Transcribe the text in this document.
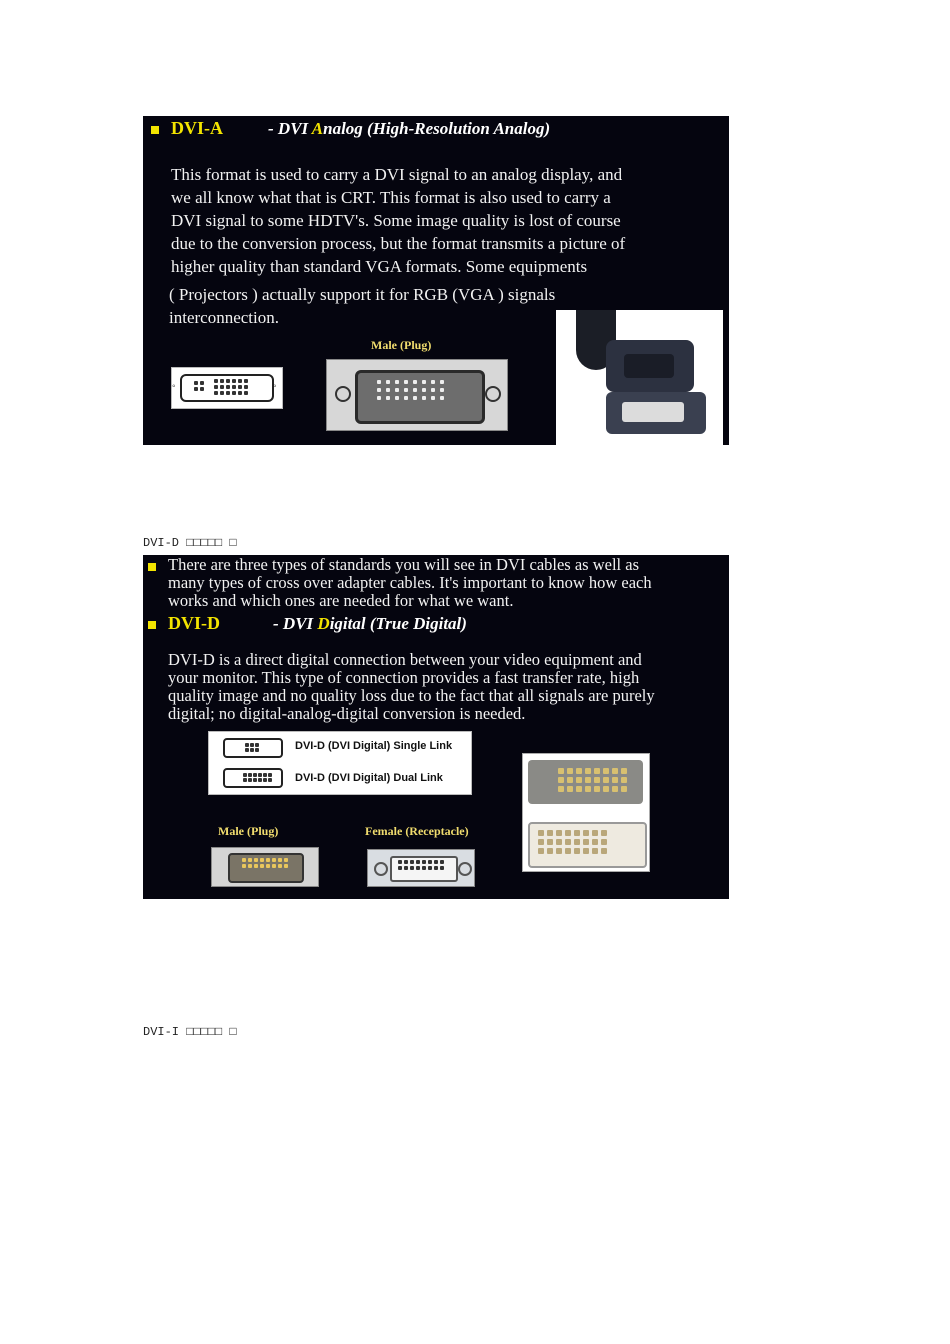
DVI-A	- DVI Analog (High-Resolution Analog)
This format is used to carry a DVI signal to an analog display, and
we all know what that is CRT. This format is also used to carry a
DVI signal to some HDTV's. Some image quality is lost of course
due to the conversion process, but the format transmits a picture of
higher quality than standard VGA formats. Some equipments
( Projectors ) actually support it for RGB (VGA ) signals
interconnection.
◦	◦
Male (Plug)
DVI-D □□□□□ □
There are three types of standards you will see in DVI cables as well as
many types of cross over adapter cables. It's important to know how each
works and which ones are needed for what we want.
DVI-D	- DVI Digital (True Digital)
DVI-D is a direct digital connection between your video equipment and
your monitor. This type of connection provides a fast transfer rate, high
quality image and no quality loss due to the fact that all signals are purely
digital; no digital-analog-digital conversion is needed.
DVI-D (DVI Digital) Single Link
DVI-D (DVI Digital) Dual Link
Male (Plug)	Female (Receptacle)
DVI-I □□□□□ □
